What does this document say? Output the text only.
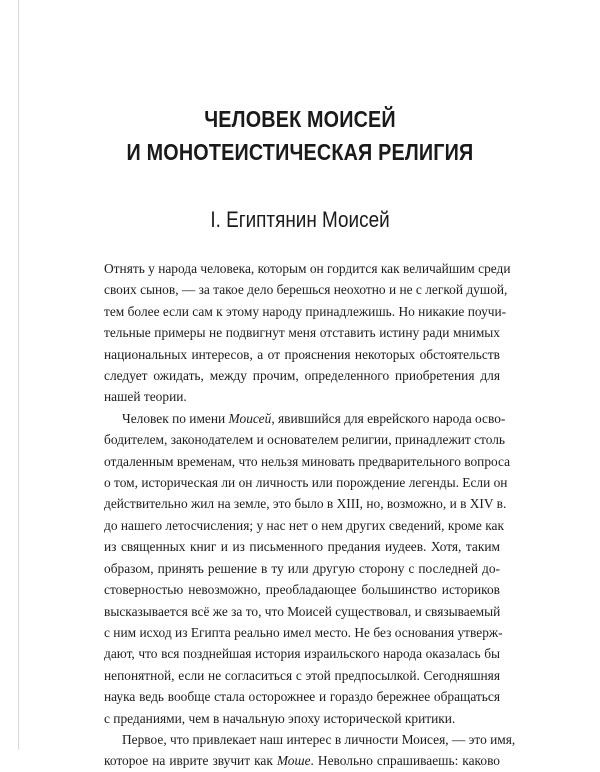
ЧЕЛОВЕК МОИСЕЙ
И МОНОТЕИСТИЧЕСКАЯ РЕЛИГИЯ
I. Египтянин Моисей

Отнять у народа человека, которым он гордится как величайшим среди
своих сынов, — за такое дело берешься неохотно и не с легкой душой,
тем более если сам к этому народу принадлежишь. Но никакие поучи-
тельные примеры не подвигнут меня отставить истину ради мнимых
национальных интересов, а от прояснения некоторых обстоятельств
следует ожидать, между прочим, определенного приобретения для
нашей теории.

Человек по имени Моисей, явившийся для еврейского народа осво-
бодителем, законодателем и основателем религии, принадлежит столь
отдаленным временам, что нельзя миновать предварительного вопроса
о том, историческая ли он личность или порождение легенды. Если он
действительно жил на земле, это было в XIII, но, возможно, и в XIV в.
до нашего летосчисления; у нас нет о нем других сведений, кроме как
из священных книг и из письменного предания иудеев. Хотя, таким
образом, принять решение в ту или другую сторону с последней до-
стоверностью невозможно, преобладающее большинство историков
высказывается всё же за то, что Моисей существовал, и связываемый
с ним исход из Египта реально имел место. Не без основания утверж-
дают, что вся позднейшая история израильского народа оказалась бы
непонятной, если не согласиться с этой предпосылкой. Сегодняшняя
наука ведь вообще стала осторожнее и гораздо бережнее обращаться
с преданиями, чем в начальную эпоху исторической критики.

Первое, что привлекает наш интерес в личности Моисея, — это имя,
которое на иврите звучит как Моше. Невольно спрашиваешь: каково
